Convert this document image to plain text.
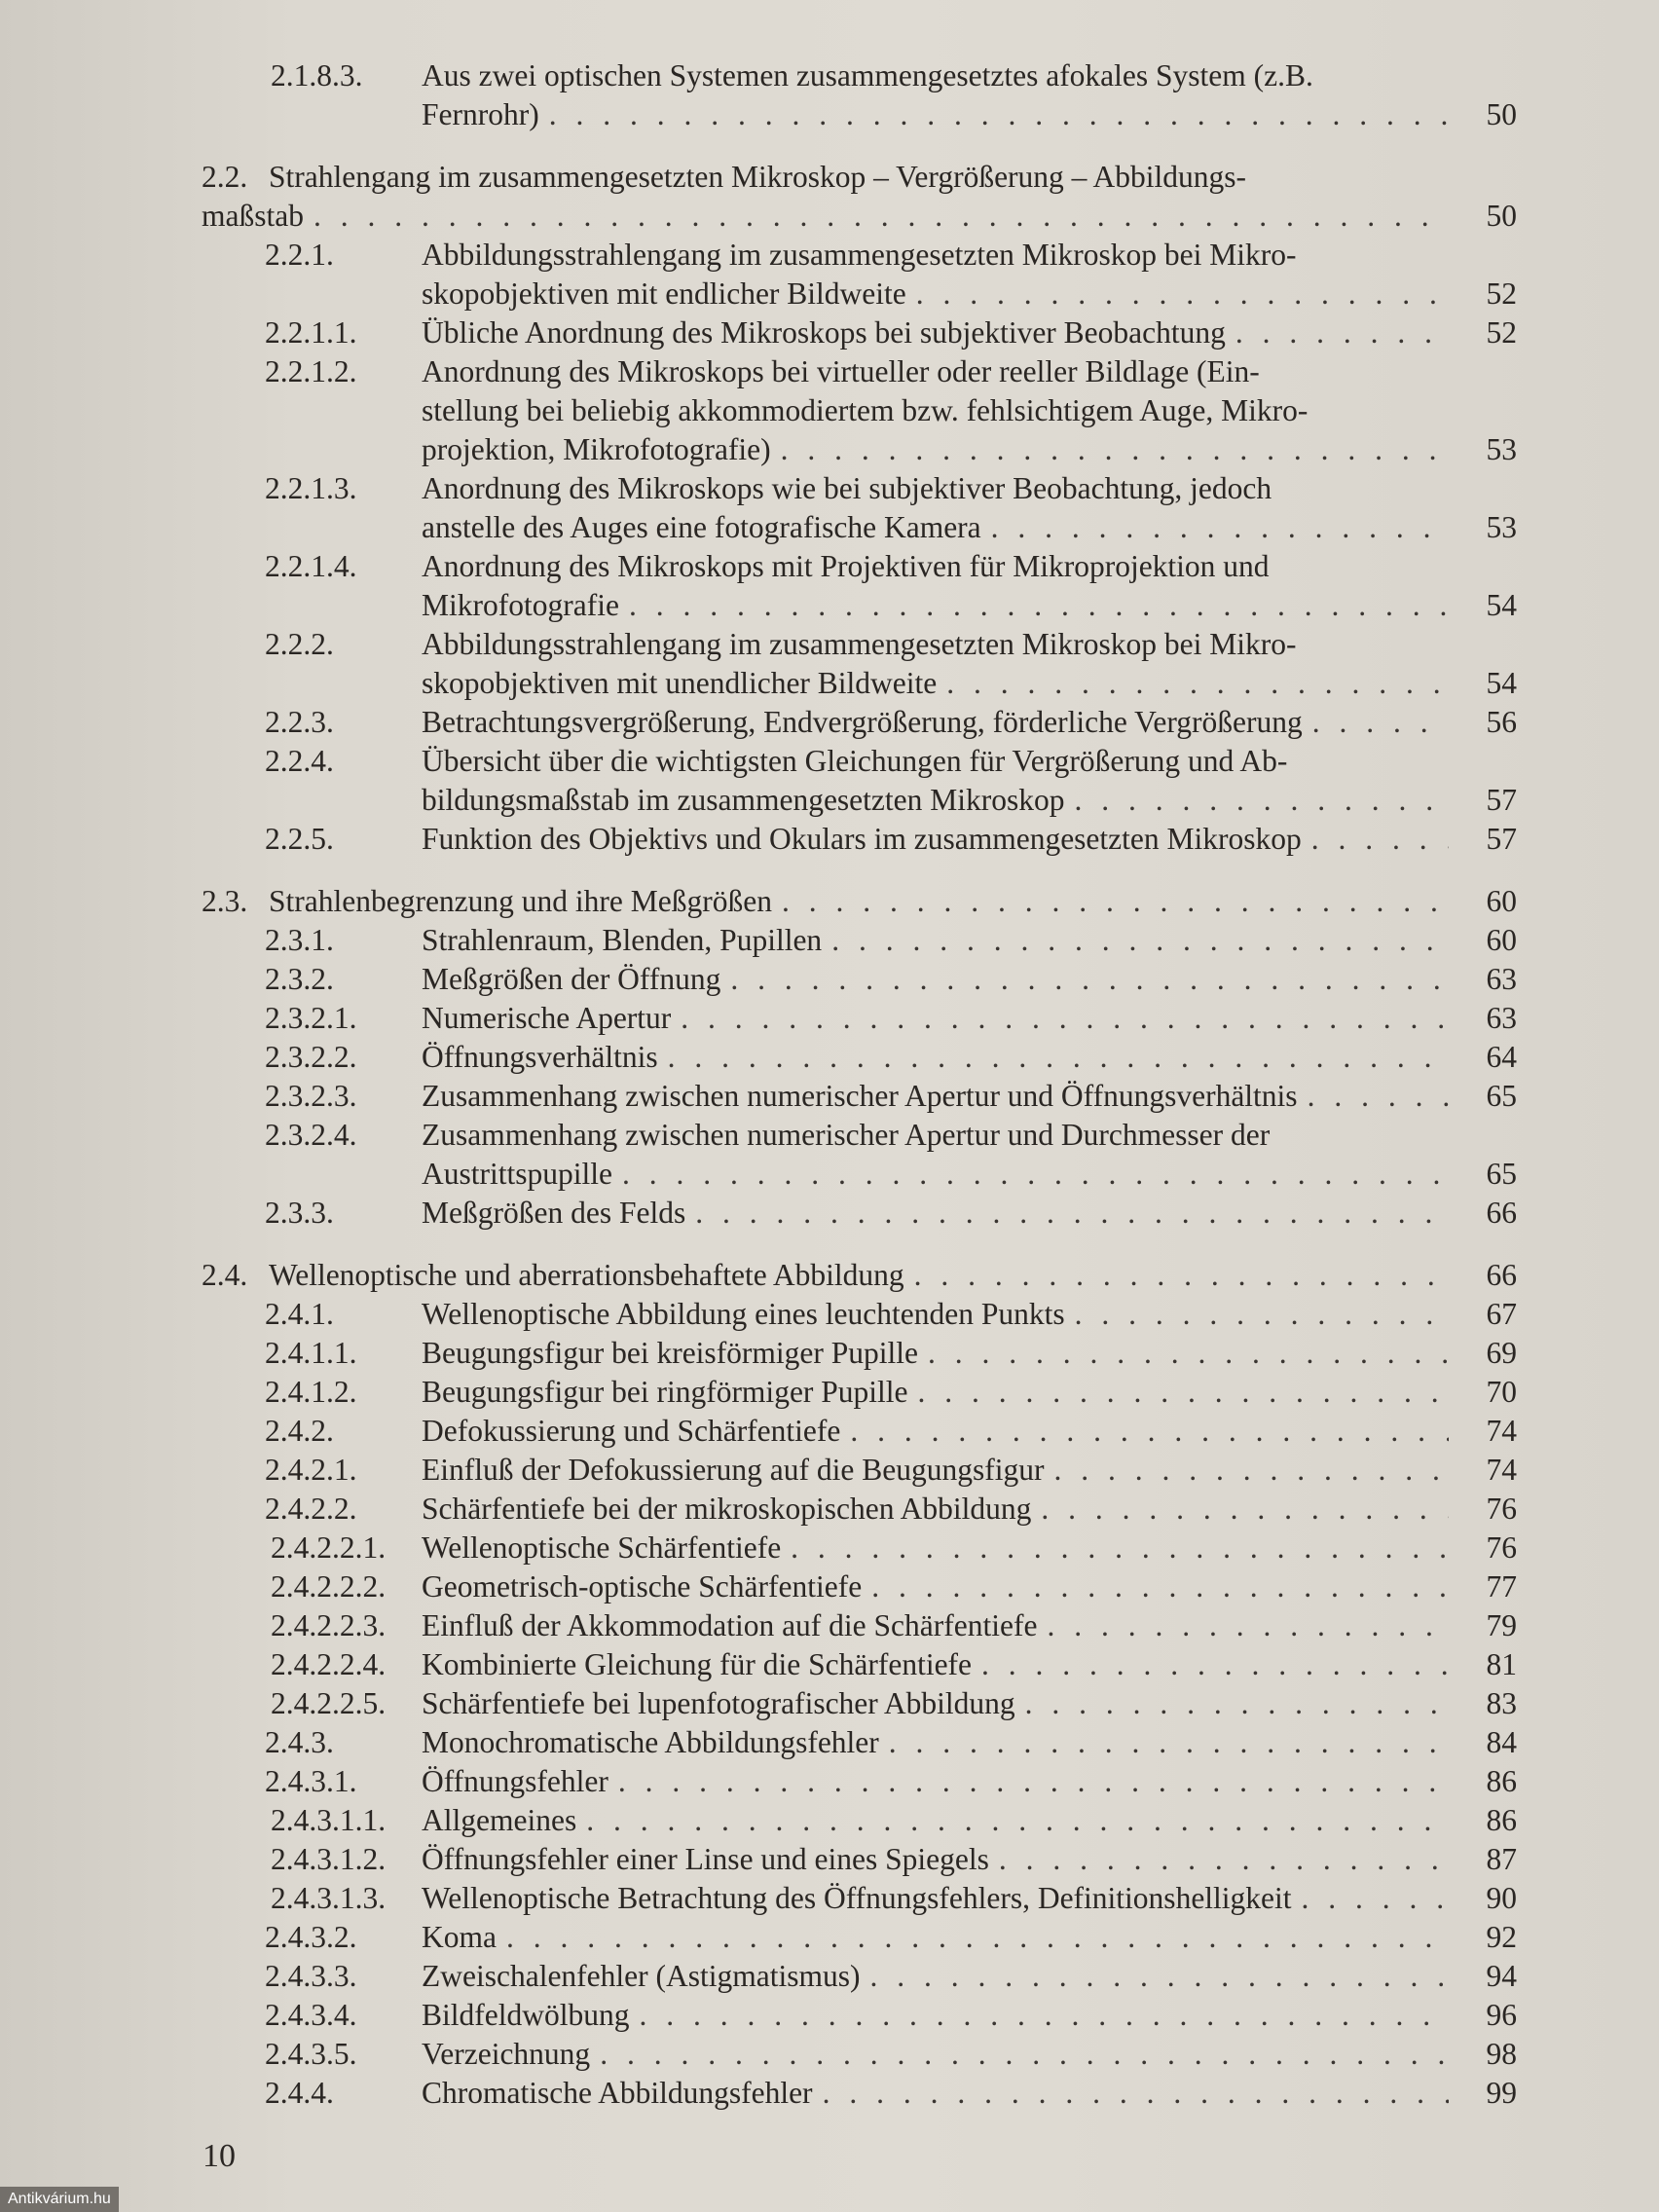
2.1.8.3. Aus zwei optischen Systemen zusammengesetztes afokales System (z.B.
Fernrohr)	50
. . .
2.2. Strahlengang im zusammengesetzten Mikroskop – Vergrößerung – Abbildungs-
maßstab	50
. . .
2.2.1.	Abbildungsstrahlengang im zusammengesetzten Mikroskop bei Mikro-
skopobjektiven mit endlicher Bildweite	52
. . .
2.2.1.1. Übliche Anordnung des Mikroskops bei subjektiver Beobachtung	52
. . .
2.2.1.2. Anordnung des Mikroskops bei virtueller oder reeller Bildlage (Ein-
stellung bei beliebig akkommodiertem bzw. fehlsichtigem Auge, Mikro-
projektion, Mikrofotografie)	53
. . .
2.2.1.3. Anordnung des Mikroskops wie bei subjektiver Beobachtung, jedoch
anstelle des Auges eine fotografische Kamera	53
. . .
2.2.1.4. Anordnung des Mikroskops mit Projektiven für Mikroprojektion und
Mikrofotografie	54
. . .
2.2.2.	Abbildungsstrahlengang im zusammengesetzten Mikroskop bei Mikro-
skopobjektiven mit unendlicher Bildweite	54
. . .
2.2.3.	Betrachtungsvergrößerung, Endvergrößerung, förderliche Vergrößerung	56
. . .
2.2.4.	Übersicht über die wichtigsten Gleichungen für Vergrößerung und Ab-
bildungsmaßstab im zusammengesetzten Mikroskop	57
. . .
2.2.5.	Funktion des Objektivs und Okulars im zusammengesetzten Mikroskop	57
. . .
2.3. Strahlenbegrenzung und ihre Meßgrößen	60
. . .
2.3.1.	Strahlenraum, Blenden, Pupillen	60
. . .
2.3.2.	Meßgrößen der Öffnung	63
. . .
2.3.2.1. Numerische Apertur	63
. . .
2.3.2.2. Öffnungsverhältnis	64
. . .
2.3.2.3. Zusammenhang zwischen numerischer Apertur und Öffnungsverhältnis	65
. . .
2.3.2.4. Zusammenhang zwischen numerischer Apertur und Durchmesser der
Austrittspupille	65
. . .
2.3.3.	Meßgrößen des Felds	66
. . .
2.4. Wellenoptische und aberrationsbehaftete Abbildung	66
. . .
2.4.1.	Wellenoptische Abbildung eines leuchtenden Punkts	67
. . .
2.4.1.1. Beugungsfigur bei kreisförmiger Pupille	69
. . .
2.4.1.2. Beugungsfigur bei ringförmiger Pupille	70
. . .
2.4.2.	Defokussierung und Schärfentiefe	74
. . .
2.4.2.1. Einfluß der Defokussierung auf die Beugungsfigur	74
. . .
2.4.2.2. Schärfentiefe bei der mikroskopischen Abbildung	76
. . .
2.4.2.2.1. Wellenoptische Schärfentiefe	76
. . .
2.4.2.2.2. Geometrisch-optische Schärfentiefe	77
. . .
2.4.2.2.3. Einfluß der Akkommodation auf die Schärfentiefe	79
. . .
2.4.2.2.4. Kombinierte Gleichung für die Schärfentiefe	81
. . .
2.4.2.2.5. Schärfentiefe bei lupenfotografischer Abbildung	83
. . .
2.4.3.	Monochromatische Abbildungsfehler	84
. . .
2.4.3.1. Öffnungsfehler	86
. . .
2.4.3.1.1. Allgemeines	86
. . .
2.4.3.1.2. Öffnungsfehler einer Linse und eines Spiegels	87
. . .
2.4.3.1.3. Wellenoptische Betrachtung des Öffnungsfehlers, Definitionshelligkeit	90
. . .
2.4.3.2. Koma	92
. . .
2.4.3.3. Zweischalenfehler (Astigmatismus)	94
. . .
2.4.3.4. Bildfeldwölbung	96
. . .
2.4.3.5. Verzeichnung	98
. . .
2.4.4.	Chromatische Abbildungsfehler	99
. . .
10
Antikvárium.hu
